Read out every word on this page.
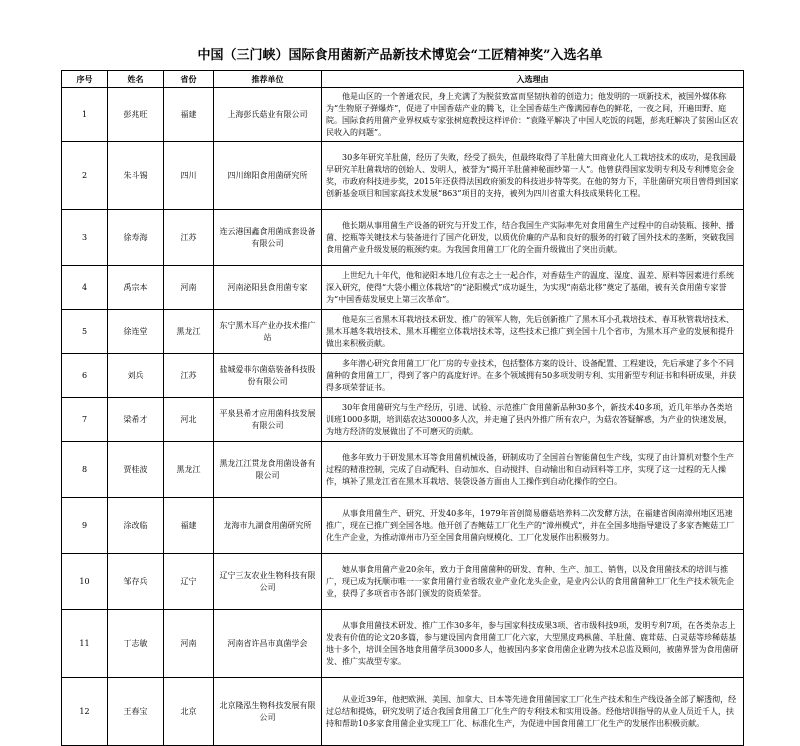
中国（三门峡）国际食用菌新产品新技术博览会“工匠精神奖”入选名单
序号	姓名	省份	推荐单位	入选理由
1	彭兆旺	福建	上海彭氏菇业有限公司	他是山区的一个普通农民，身上充满了为脱贫致富而坚韧执着的创造力；他发明的一项新技术，被国外媒体称为“生物原子弹爆炸”，促进了中国香菇产业的腾飞，让全国香菇生产像满园春色的鲜花，一夜之间，开遍田野、庭院。国际食药用菌产业界权威专家张树庭教授这样评价：“袁隆平解决了中国人吃饭的问题，彭兆旺解决了贫困山区农民收入的问题”。
2	朱斗锡	四川	四川绵阳食用菌研究所	30多年研究羊肚菌，经历了失败，经受了损失，但最终取得了羊肚菌大田商业化人工栽培技术的成功，是我国最早研究羊肚菌栽培的创始人、发明人，被誉为“揭开羊肚菌神秘面纱第一人”。他曾获得国家发明专利及专利博览会金奖，市政府科技进步奖，2015年还获得法国政府颁发的科技进步特等奖。在他的努力下，羊肚菌研究项目曾得到国家创新基金项目和国家高技术发展“863”项目的支持，被列为四川省重大科技成果转化工程。
3	徐寿海	江苏	连云港国鑫食用菌成套设备有限公司	他长期从事用菌生产设备的研究与开发工作，结合我国生产实际率先对食用菌生产过程中的自动装瓶、接种、播菌、挖瓶等关键技术与装备进行了国产化研发，以质优价廉的产品和良好的服务的打破了国外技术的垄断，突破我国食用菌产业升级发展的瓶颈约束。为我国食用菌工厂化的全面升级做出了突出贡献。
4	禹宗本	河南	河南泌阳县食用菌专家	上世纪九十年代，他和泌阳本地几位有志之士一起合作，对香菇生产的温度、湿度、温差、原料等因素进行系统深入研究，使得“大袋小棚立体栽培”的“泌阳模式”成功诞生，为实现“南菇北移”奠定了基础，被有关食用菌专家誉为“中国香菇发展史上第三次革命”。
5	徐连堂	黑龙江	东宁黑木耳产业办技术推广站	他是东三省黑木耳栽培技术研发、推广的领军人物，先后创新推广了黑木耳小孔栽培技术、春耳秋管栽培技术、黑木耳越冬栽培技术、黑木耳棚室立体栽培技术等，这些技术已推广到全国十几个省市，为黑木耳产业的发展和提升做出来积极贡献。
6	刘兵	江苏	盐城爱菲尔菌菇装备科技股份有限公司	多年潜心研究食用菌工厂化厂房的专业技术，包括整体方案的设计、设备配置、工程建设，先后承建了多个不同菌种的食用菌工厂，得到了客户的高度好评。在多个领域拥有50多项发明专利、实用新型专利证书和科研成果，并获得多项荣誉证书。
7	梁希才	河北	平泉县希才应用菌科技发展有限公司	30年食用菌研究与生产经历，引进、试验、示范推广食用菌新品种30多个，新技术40多项，近几年举办各类培训班1000多期，培训菇农达30000多人次，并走遍了县内外推广所有农户，为菇农答疑解惑，为产业的快速发展，为地方经济的发展做出了不可磨灭的贡献。
8	贾桂波	黑龙江	黑龙江江贯龙食用菌设备有限公司	他多年致力于研发黑木耳等食用菌机械设备，研制成功了全国首台智能菌包生产线，实现了由计算机对整个生产过程的精准控制，完成了自动配料、自动加水、自动搅拌、自动输出和自动回料等工序，实现了这一过程的无人操作，填补了黑龙江省在黑木耳栽培、装袋设备方面由人工操作到自动化操作的空白。
9	涂改临	福建	龙海市九湖食用菌研究所	从事食用菌生产、研究、开发40多年，1979年首创简易蘑菇培养料二次发酵方法，在福建省闽南漳州地区迅速推广，现在已推广到全国各地。他开创了杏鲍菇工厂化生产的“漳州模式”，并在全国多地指导建设了多家杏鲍菇工厂化生产企业，为推动漳州市乃至全国食用菌向规模化、工厂化发展作出积极努力。
10	邹存兵	辽宁	辽宁三友农业生物科技有限公司	她从事食用菌产业20余年，致力于食用菌菌种的研发、育种、生产、加工、销售，以及食用菌技术的培训与推广，现已成为抚顺市唯一一家食用菌行业省级农业产业化龙头企业，是业内公认的食用菌菌种工厂化生产技术领先企业，获得了多项省市各部门颁发的资质荣誉。
11	丁志敏	河南	河南省许昌市真菌学会	从事食用菌技术研发、推广工作30多年，参与国家科技成果3项、省市级科技9项，发明专利7项，在各类杂志上发表有价值的论文20多篇，参与建设国内食用菌工厂化六家，大型黑皮鸡枞菌、羊肚菌、鹿茸菇、白灵菇等珍稀菇基地十多个，培训全国各地食用菌学员3000多人，他被国内多家食用菌企业聘为技术总监及顾问，被菌界誉为食用菌研发、推广实战型专家。
12	王春宝	北京	北京隆泓生物科技发展有限公司	从业近39年，他把欧洲、美国、加拿大、日本等先进食用菌国家工厂化生产技术和生产线设备全部了解透彻，经过总结和提炼，研究发明了适合我国食用菌工厂化生产的专利技术和实用设备。经他培训指导的从业人员近千人，扶持和帮助10多家食用菌企业实现工厂化、标准化生产，为促进中国食用菌工厂化生产的发展作出积极贡献。
